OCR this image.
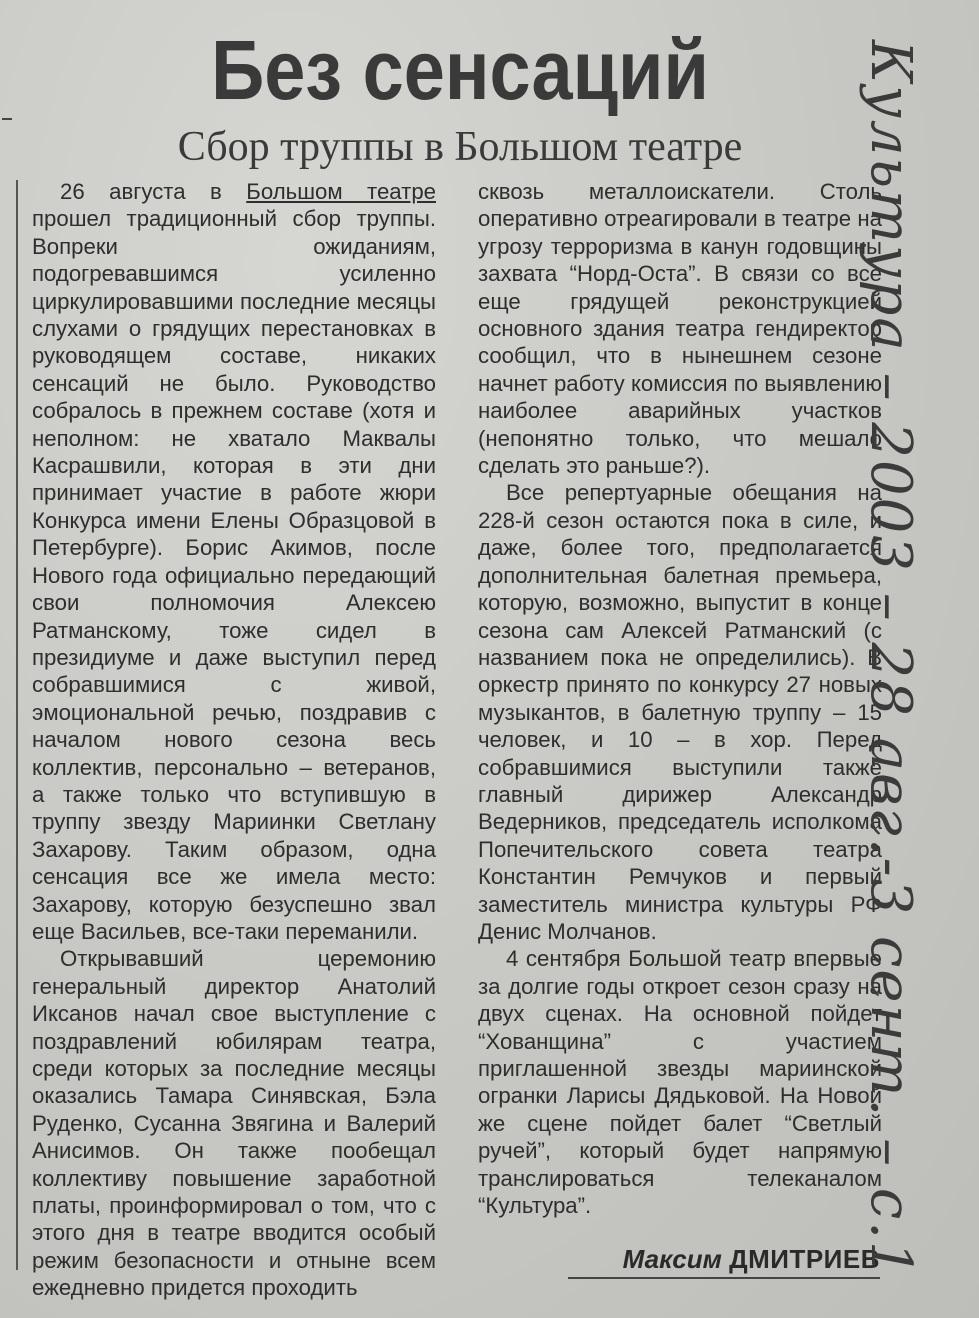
Без сенсаций
Сбор труппы в Большом театре

26 августа в Большом театре прошел традиционный сбор труппы. Вопреки ожиданиям, подогревавшимся усиленно циркулировавшими последние месяцы слухами о грядущих перестановках в руководящем составе, никаких сенсаций не было. Руководство собралось в прежнем составе (хотя и неполном: не хватало Маквалы Касрашвили, которая в эти дни принимает участие в работе жюри Конкурса имени Елены Образцовой в Петербурге). Борис Акимов, после Нового года официально передающий свои полномочия Алексею Ратманскому, тоже сидел в президиуме и даже выступил перед собравшимися с живой, эмоциональной речью, поздравив с началом нового сезона весь коллектив, персонально – ветеранов, а также только что вступившую в труппу звезду Мариинки Светлану Захарову. Таким образом, одна сенсация все же имела место: Захарову, которую безуспешно звал еще Васильев, все-таки переманили.

Открывавший церемонию генеральный директор Анатолий Иксанов начал свое выступление с поздравлений юбилярам театра, среди которых за последние месяцы оказались Тамара Синявская, Бэла Руденко, Сусанна Звягина и Валерий Анисимов. Он также пообещал коллективу повышение заработной платы, проинформировал о том, что с этого дня в театре вводится особый режим безопасности и отныне всем ежедневно придется проходить

сквозь металлоискатели. Столь оперативно отреагировали в театре на угрозу терроризма в канун годовщины захвата “Норд-Оста”. В связи со все еще грядущей реконструкцией основного здания театра гендиректор сообщил, что в нынешнем сезоне начнет работу комиссия по выявлению наиболее аварийных участков (непонятно только, что мешало сделать это раньше?).

Все репертуарные обещания на 228-й сезон остаются пока в силе, и даже, более того, предполагается дополнительная балетная премьера, которую, возможно, выпустит в конце сезона сам Алексей Ратманский (с названием пока не определились). В оркестр принято по конкурсу 27 новых музыкантов, в балетную труппу – 15 человек, и 10 – в хор. Перед собравшимися выступили также главный дирижер Александр Ведерников, председатель исполкома Попечительского совета театра Константин Ремчуков и первый заместитель министра культуры РФ Денис Молчанов.

4 сентября Большой театр впервые за долгие годы откроет сезон сразу на двух сценах. На основной пойдет “Хованщина” с участием приглашенной звезды мариинской огранки Ларисы Дядьковой. На Новой же сцене пойдет балет “Светлый ручей”, который будет напрямую транслироваться телеканалом “Культура”.

Максим ДМИТРИЕВ
Культура – 2003 – 28 авг.-3 сент. – с.1
